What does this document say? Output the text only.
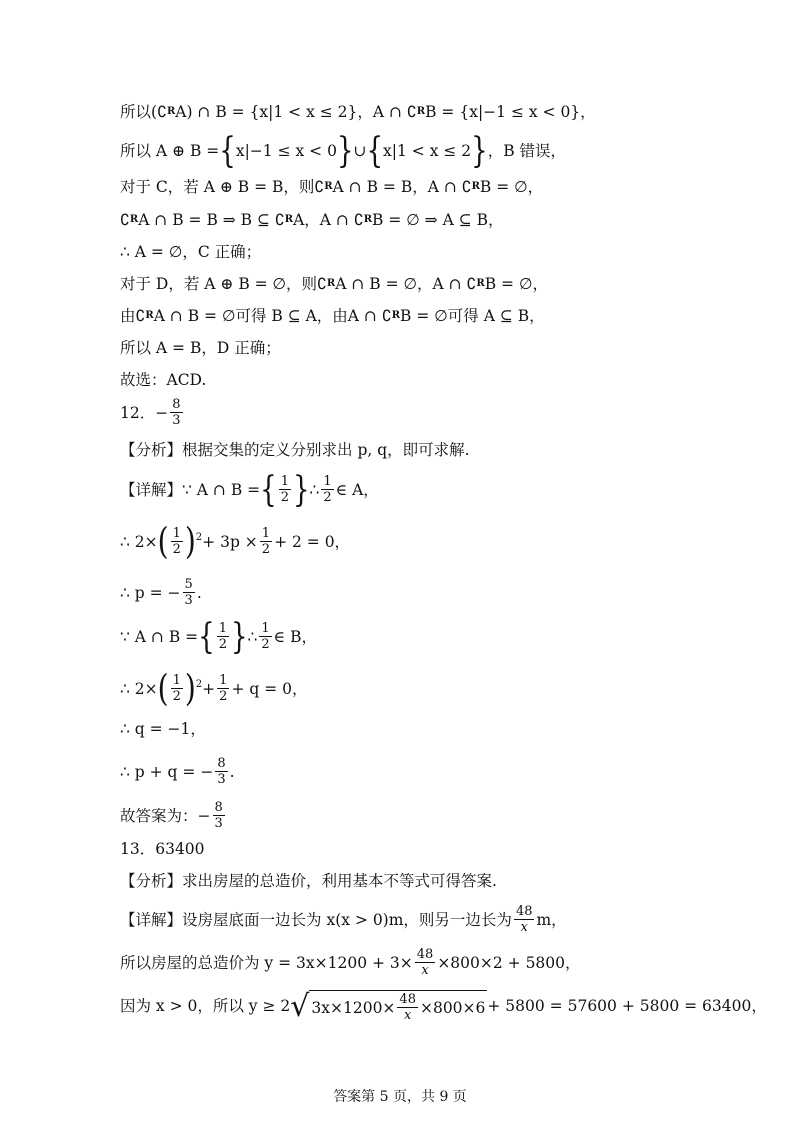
所以 (∁ R A) ∩ B = {x|1 < x ≤ 2}，A ∩ ∁ R B = {x|−1 ≤ x < 0}，
所以 A ⊕ B = { x|−1 ≤ x < 0 } ∪ { x|1 < x ≤ 2 } ，B 错误，
对于 C，若 A ⊕ B = B，则∁ R A ∩ B = B，A ∩ ∁ R B = ∅，
∁ R A ∩ B = B ⇒ B ⊆ ∁ R A，A ∩ ∁ R B = ∅ ⇒ A ⊆ B，
∴ A = ∅，C 正确；
对于 D，若 A ⊕ B = ∅，则∁ R A ∩ B = ∅，A ∩ ∁ R B = ∅，
由∁ R A ∩ B = ∅可得 B ⊆ A，由A ∩ ∁ R B = ∅可得 A ⊆ B，
所以 A = B，D 正确；
故选：ACD.
12．− $\frac{8}{3}$
【分析】 根据交集的定义分别求出 p, q，即可求解.
【详解】 ∵ A ∩ B = { $\frac{1}{2}$ } ∴ $\frac{1}{2}$ ∈ A，
∴ 2× ( $\frac{1}{2} )^2 + 3p \times \frac{1}{2} + 2 = 0$，
∴ p = − $\frac{5}{3}$ .
∵ A ∩ B = { $\frac{1}{2}$ } ∴ $\frac{1}{2}$ ∈ B，
∴ 2× ( $\frac{1}{2} )^2 + \frac{1}{2} + q = 0$，
∴ q = −1，
∴ p + q = − $\frac{8}{3}$ .
故答案为：− $\frac{8}{3}$
13．63400
【分析】 求出房屋的总造价，利用基本不等式可得答案.
【详解】 设房屋底面一边长为 x (x > 0) m，则另一边长为 $\frac{48}{x}$ m，
所以房屋的总造价为 $y = 3x\times 1200 + 3\times \frac{48}{x} \times 800\times 2 + 5800$，
因为 x > 0，所以 y ≥ 2 √ $3x\times 1200\times \frac{48}{x} \times 800\times 6 + 5800 = 57600 + 5800 = 63400$，
答案第 5 页，共 9 页
